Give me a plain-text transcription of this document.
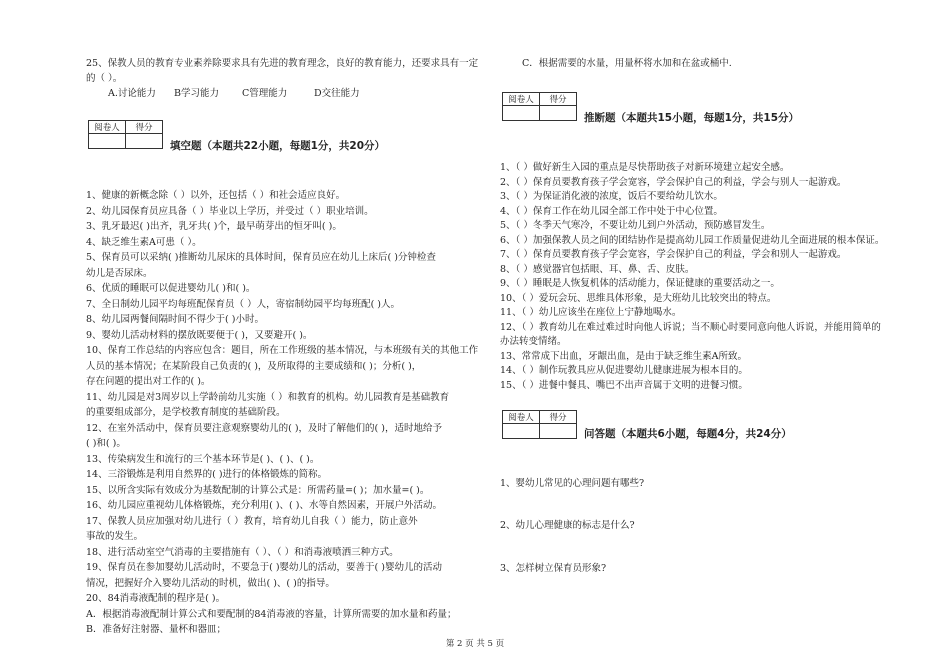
25、保教人员的教育专业素养除要求具有先进的教育理念，良好的教育能力，还要求具有一定
的（ ）。
A.讨论能力 B学习能力 C管理能力	D交往能力
阅卷人	得分

填空题（本题共22小题，每题1分，共20分）
1、健康的新概念除（ ）以外，还包括（ ）和社会适应良好。
2、幼儿园保育员应具备（ ）毕业以上学历，并受过（ ）职业培训。
3、乳牙最迟( )出齐，乳牙共( )个，最早萌芽出的恒牙叫( )。
4、缺乏维生素A可患（ ）。
5、保育员可以采纳( )推断幼儿尿床的具体时间，保育员应在幼儿上床后( )分钟检查
幼儿是否尿床。
6、优质的睡眠可以促进婴幼儿( )和( )。
7、全日制幼儿园平均每班配保育员（ ）人，寄宿制幼园平均每班配( )人。
8、幼儿园两餐间隔时间不得少于( )小时。
9、婴幼儿活动材料的摆放既要便于( )，又要避开( )。
10、保育工作总结的内容应包含：题目，所在工作班级的基本情况，与本班级有关的其他工作
人员的基本情况；在某阶段自己负责的( )，及所取得的主要成绩和( )；分析( )，
存在问题的提出对工作的( )。
11、幼儿园是对3周岁以上学龄前幼儿实施（ ）和教育的机构。幼儿园教育是基础教育
的重要组成部分，是学校教育制度的基础阶段。
12、在室外活动中，保育员要注意观察婴幼儿的( )，及时了解他们的( )，适时地给予
( )和( )。
13、传染病发生和流行的三个基本环节是( )、( )、( )。
14、三浴锻炼是利用自然界的( )进行的体格锻炼的简称。
15、以所含实际有效成分为基数配制的计算公式是：所需药量=( )；加水量=( )。
16、幼儿园应重视幼儿体格锻炼，充分利用( )、( )、水等自然因素，开展户外活动。
17、保教人员应加强对幼儿进行（ ）教育，培育幼儿自我（ ）能力，防止意外
事故的发生。
18、进行活动室空气消毒的主要措施有（ ）、（ ）和消毒液喷洒三种方式。
19、保育员在参加婴幼儿活动时，不要急于( )婴幼儿的活动，要善于( )婴幼儿的活动
情况，把握好介入婴幼儿活动的时机，做出( )、( )的指导。
20、84消毒液配制的程序是( )。
A．根据消毒液配制计算公式和要配制的84消毒液的容量，计算所需要的加水量和药量；
B．准备好注射器、量杯和器皿；
C．根据需要的水量，用量杯将水加和在盆或桶中.
阅卷人	得分

推断题（本题共15小题，每题1分，共15分）
1、（ ）做好新生入园的重点是尽快帮助孩子对新环境建立起安全感。
2、（ ）保育员要教育孩子学会宽容，学会保护自己的利益，学会与别人一起游戏。
3、（ ）为保证消化液的浓度，饭后不要给幼儿饮水。
4、（ ）保育工作在幼儿园全部工作中处于中心位置。
5、（ ）冬季天气寒冷，不要让幼儿到户外活动，预防感冒发生。
6、（ ）加强保教人员之间的团结协作是提高幼儿园工作质量促进幼儿全面进展的根本保证。
7、（ ）保育员要教育孩子学会宽容，学会保护自己的利益，学会和别人一起游戏。
8、（ ）感觉器官包括眼、耳、鼻、舌、皮肤。
9、（ ）睡眠是人恢复机体的活动能力，保证健康的重要活动之一。
10、（ ）爱玩会玩、思维具体形象，是大班幼儿比较突出的特点。
11、（ ）幼儿应该坐在座位上宁静地喝水。
12、（ ）教育幼儿在难过难过时向他人诉说；当不顺心时要同意向他人诉说，并能用简单的
办法转变情绪。
13、常常成下出血，牙龈出血，是由于缺乏维生素A所致。
14、（ ）制作玩教具应从促进婴幼儿健康进展为根本目的。
15、（ ）进餐中餐具、嘴巴不出声音属于文明的进餐习惯。
阅卷人	得分

问答题（本题共6小题，每题4分，共24分）
1、婴幼儿常见的心理问题有哪些?
2、幼儿心理健康的标志是什么?
3、怎样树立保育员形象?
第 2 页 共 5 页
